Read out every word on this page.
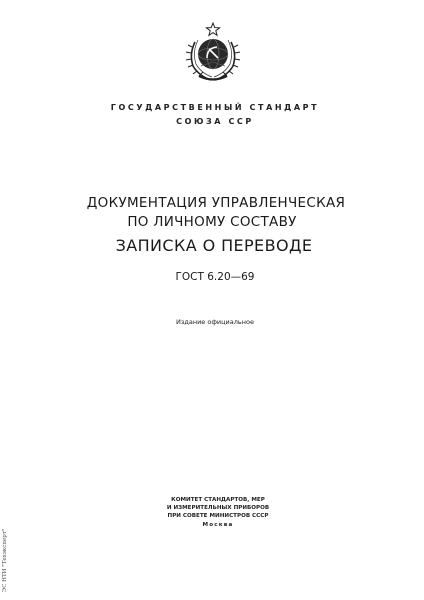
ГОСУДАРСТВЕННЫЙ СТАНДАРТ
СОЮЗА ССР
ДОКУМЕНТАЦИЯ УПРАВЛЕНЧЕСКАЯ
ПО ЛИЧНОМУ СОСТАВУ
ЗАПИСКА О ПЕРЕВОДЕ
ГОСТ 6.20—69
Издание официальное
КОМИТЕТ СТАНДАРТОВ, МЕР
И ИЗМЕРИТЕЛЬНЫХ ПРИБОРОВ
ПРИ СОВЕТЕ МИНИСТРОВ СССР
Москва
ЭС НТИ "Техэксперт"
